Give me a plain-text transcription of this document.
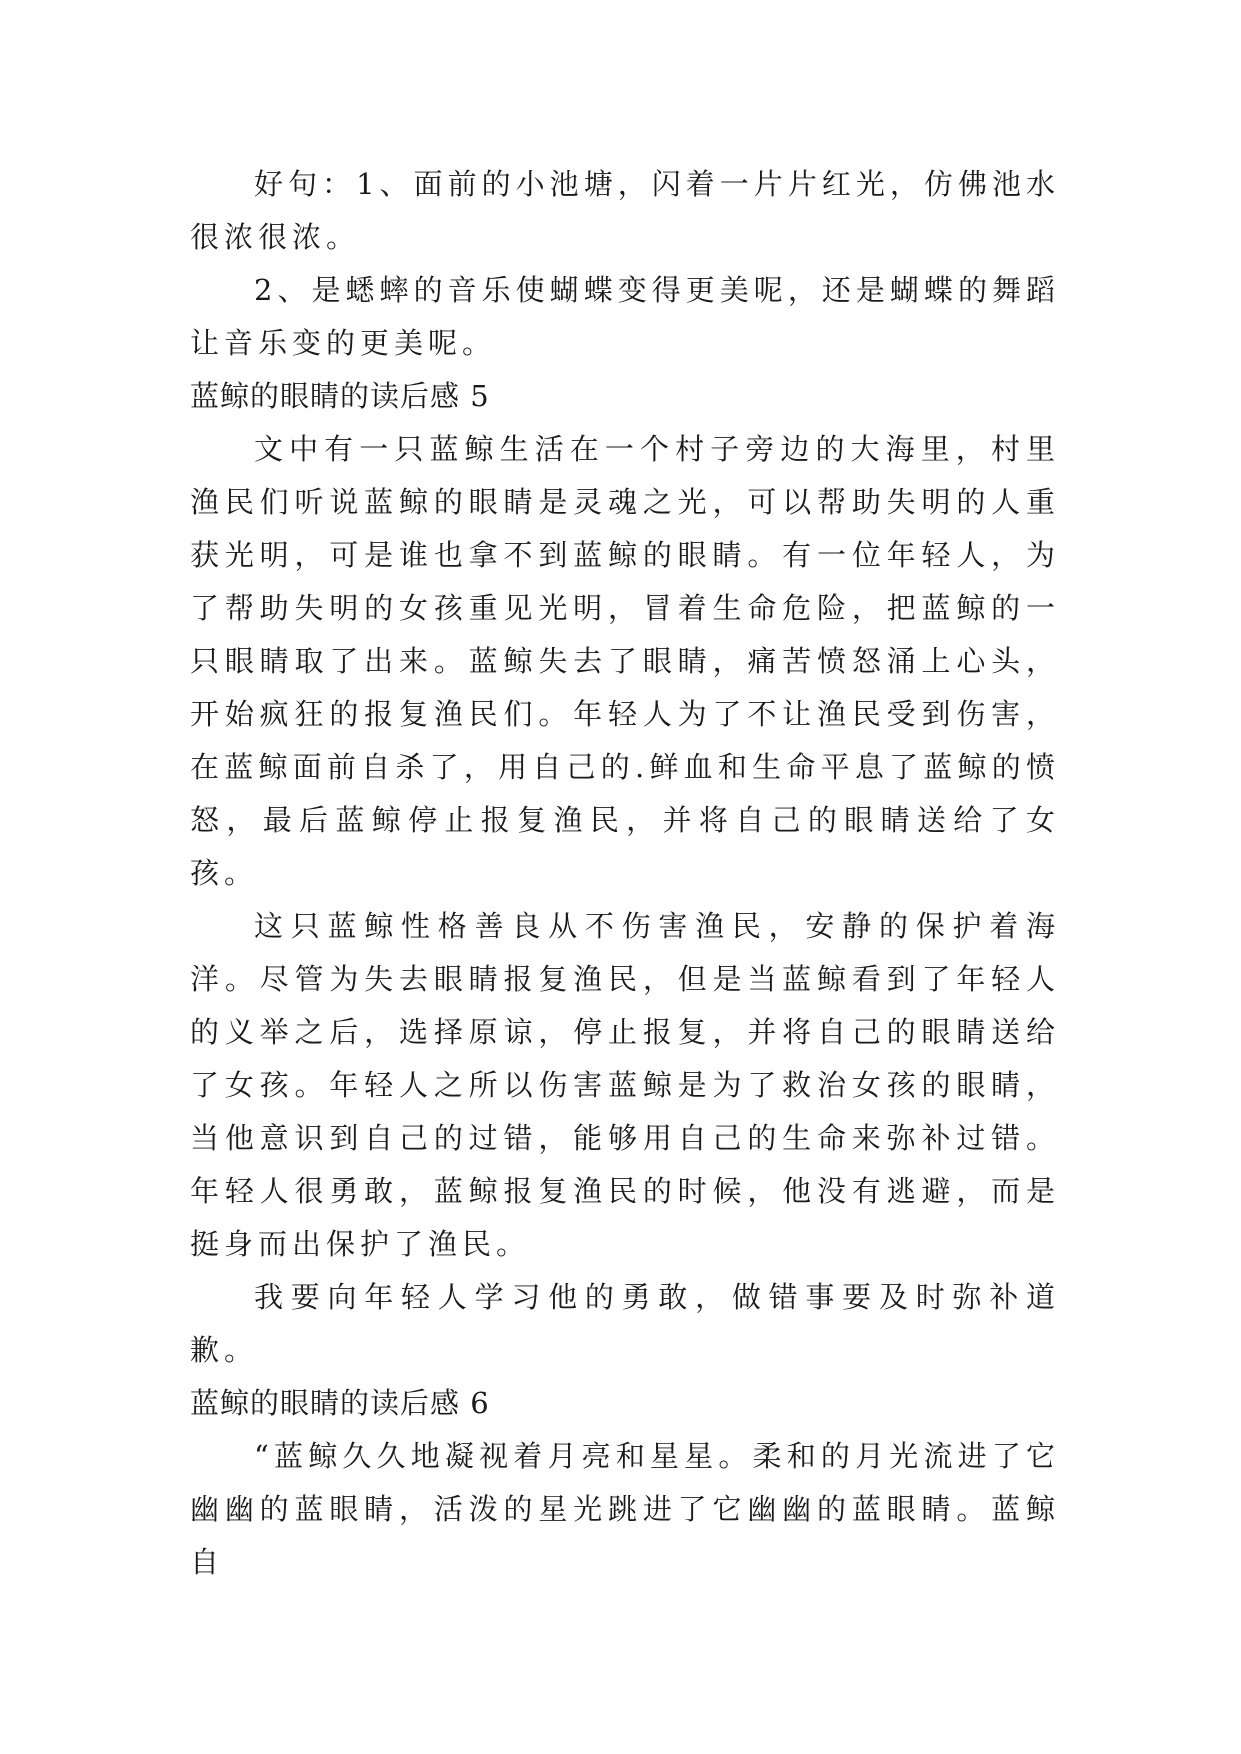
好句：1、面前的小池塘，闪着一片片红光，仿佛池水很浓很浓。

2、是蟋蟀的音乐使蝴蝶变得更美呢，还是蝴蝶的舞蹈让音乐变的更美呢。

蓝鲸的眼睛的读后感 5

文中有一只蓝鲸生活在一个村子旁边的大海里，村里渔民们听说蓝鲸的眼睛是灵魂之光，可以帮助失明的人重获光明，可是谁也拿不到蓝鲸的眼睛。有一位年轻人，为了帮助失明的女孩重见光明，冒着生命危险，把蓝鲸的一只眼睛取了出来。蓝鲸失去了眼睛，痛苦愤怒涌上心头，开始疯狂的报复渔民们。年轻人为了不让渔民受到伤害，在蓝鲸面前自杀了，用自己的.鲜血和生命平息了蓝鲸的愤怒，最后蓝鲸停止报复渔民，并将自己的眼睛送给了女孩。

这只蓝鲸性格善良从不伤害渔民，安静的保护着海洋。尽管为失去眼睛报复渔民，但是当蓝鲸看到了年轻人的义举之后，选择原谅，停止报复，并将自己的眼睛送给了女孩。年轻人之所以伤害蓝鲸是为了救治女孩的眼睛，当他意识到自己的过错，能够用自己的生命来弥补过错。年轻人很勇敢，蓝鲸报复渔民的时候，他没有逃避，而是挺身而出保护了渔民。

我要向年轻人学习他的勇敢，做错事要及时弥补道歉。

蓝鲸的眼睛的读后感 6

“蓝鲸久久地凝视着月亮和星星。柔和的月光流进了它幽幽的蓝眼睛，活泼的星光跳进了它幽幽的蓝眼睛。蓝鲸自
